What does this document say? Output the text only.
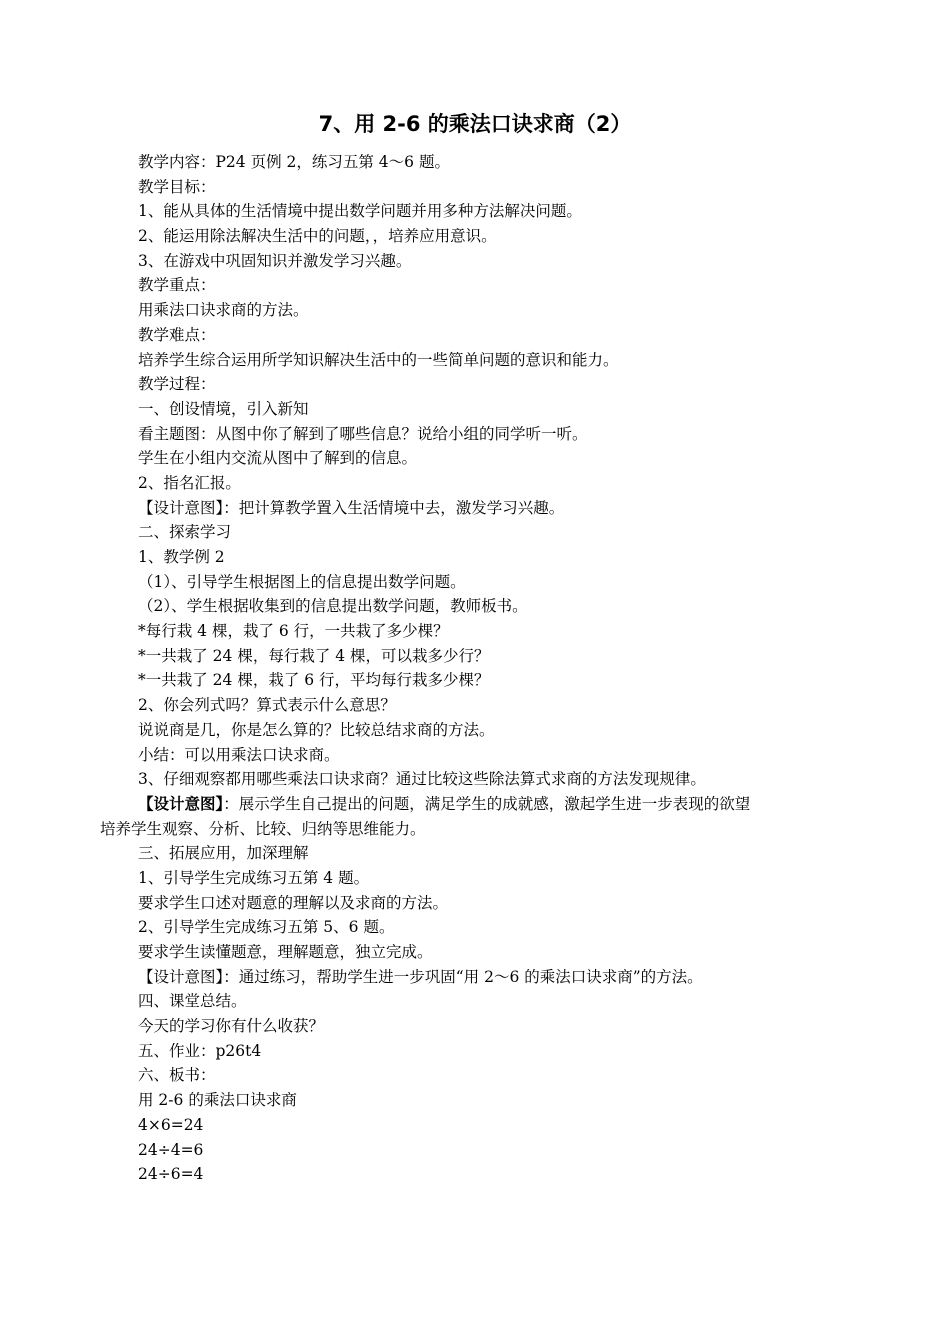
7、用 2-6 的乘法口诀求商（2）
教学内容：P24 页例 2，练习五第 4～6 题。
教学目标：
1、能从具体的生活情境中提出数学问题并用多种方法解决问题。
2、能运用除法解决生活中的问题，，培养应用意识。
3、在游戏中巩固知识并激发学习兴趣。
教学重点：
用乘法口诀求商的方法。
教学难点：
培养学生综合运用所学知识解决生活中的一些简单问题的意识和能力。
教学过程：
一、创设情境，引入新知
看主题图：从图中你了解到了哪些信息？说给小组的同学听一听。
学生在小组内交流从图中了解到的信息。
2、指名汇报。
【设计意图】：把计算教学置入生活情境中去，激发学习兴趣。
二、探索学习
1、教学例 2
（1）、引导学生根据图上的信息提出数学问题。
（2）、学生根据收集到的信息提出数学问题，教师板书。
*每行栽 4 棵，栽了 6 行，一共栽了多少棵？
*一共栽了 24 棵，每行栽了 4 棵，可以栽多少行？
*一共栽了 24 棵，栽了 6 行，平均每行栽多少棵？
2、你会列式吗？算式表示什么意思？
说说商是几，你是怎么算的？比较总结求商的方法。
小结：可以用乘法口诀求商。
3、仔细观察都用哪些乘法口诀求商？通过比较这些除法算式求商的方法发现规律。
【设计意图】：展示学生自己提出的问题，满足学生的成就感，激起学生进一步表现的欲望
培养学生观察、分析、比较、归纳等思维能力。
三、拓展应用，加深理解
1、引导学生完成练习五第 4 题。
要求学生口述对题意的理解以及求商的方法。
2、引导学生完成练习五第 5、6 题。
要求学生读懂题意，理解题意，独立完成。
【设计意图】：通过练习，帮助学生进一步巩固“用 2～6 的乘法口诀求商”的方法。
四、课堂总结。
今天的学习你有什么收获？
五、作业：p26t4
六、板书：
用 2-6 的乘法口诀求商
4×6=24
24÷4=6
24÷6=4
